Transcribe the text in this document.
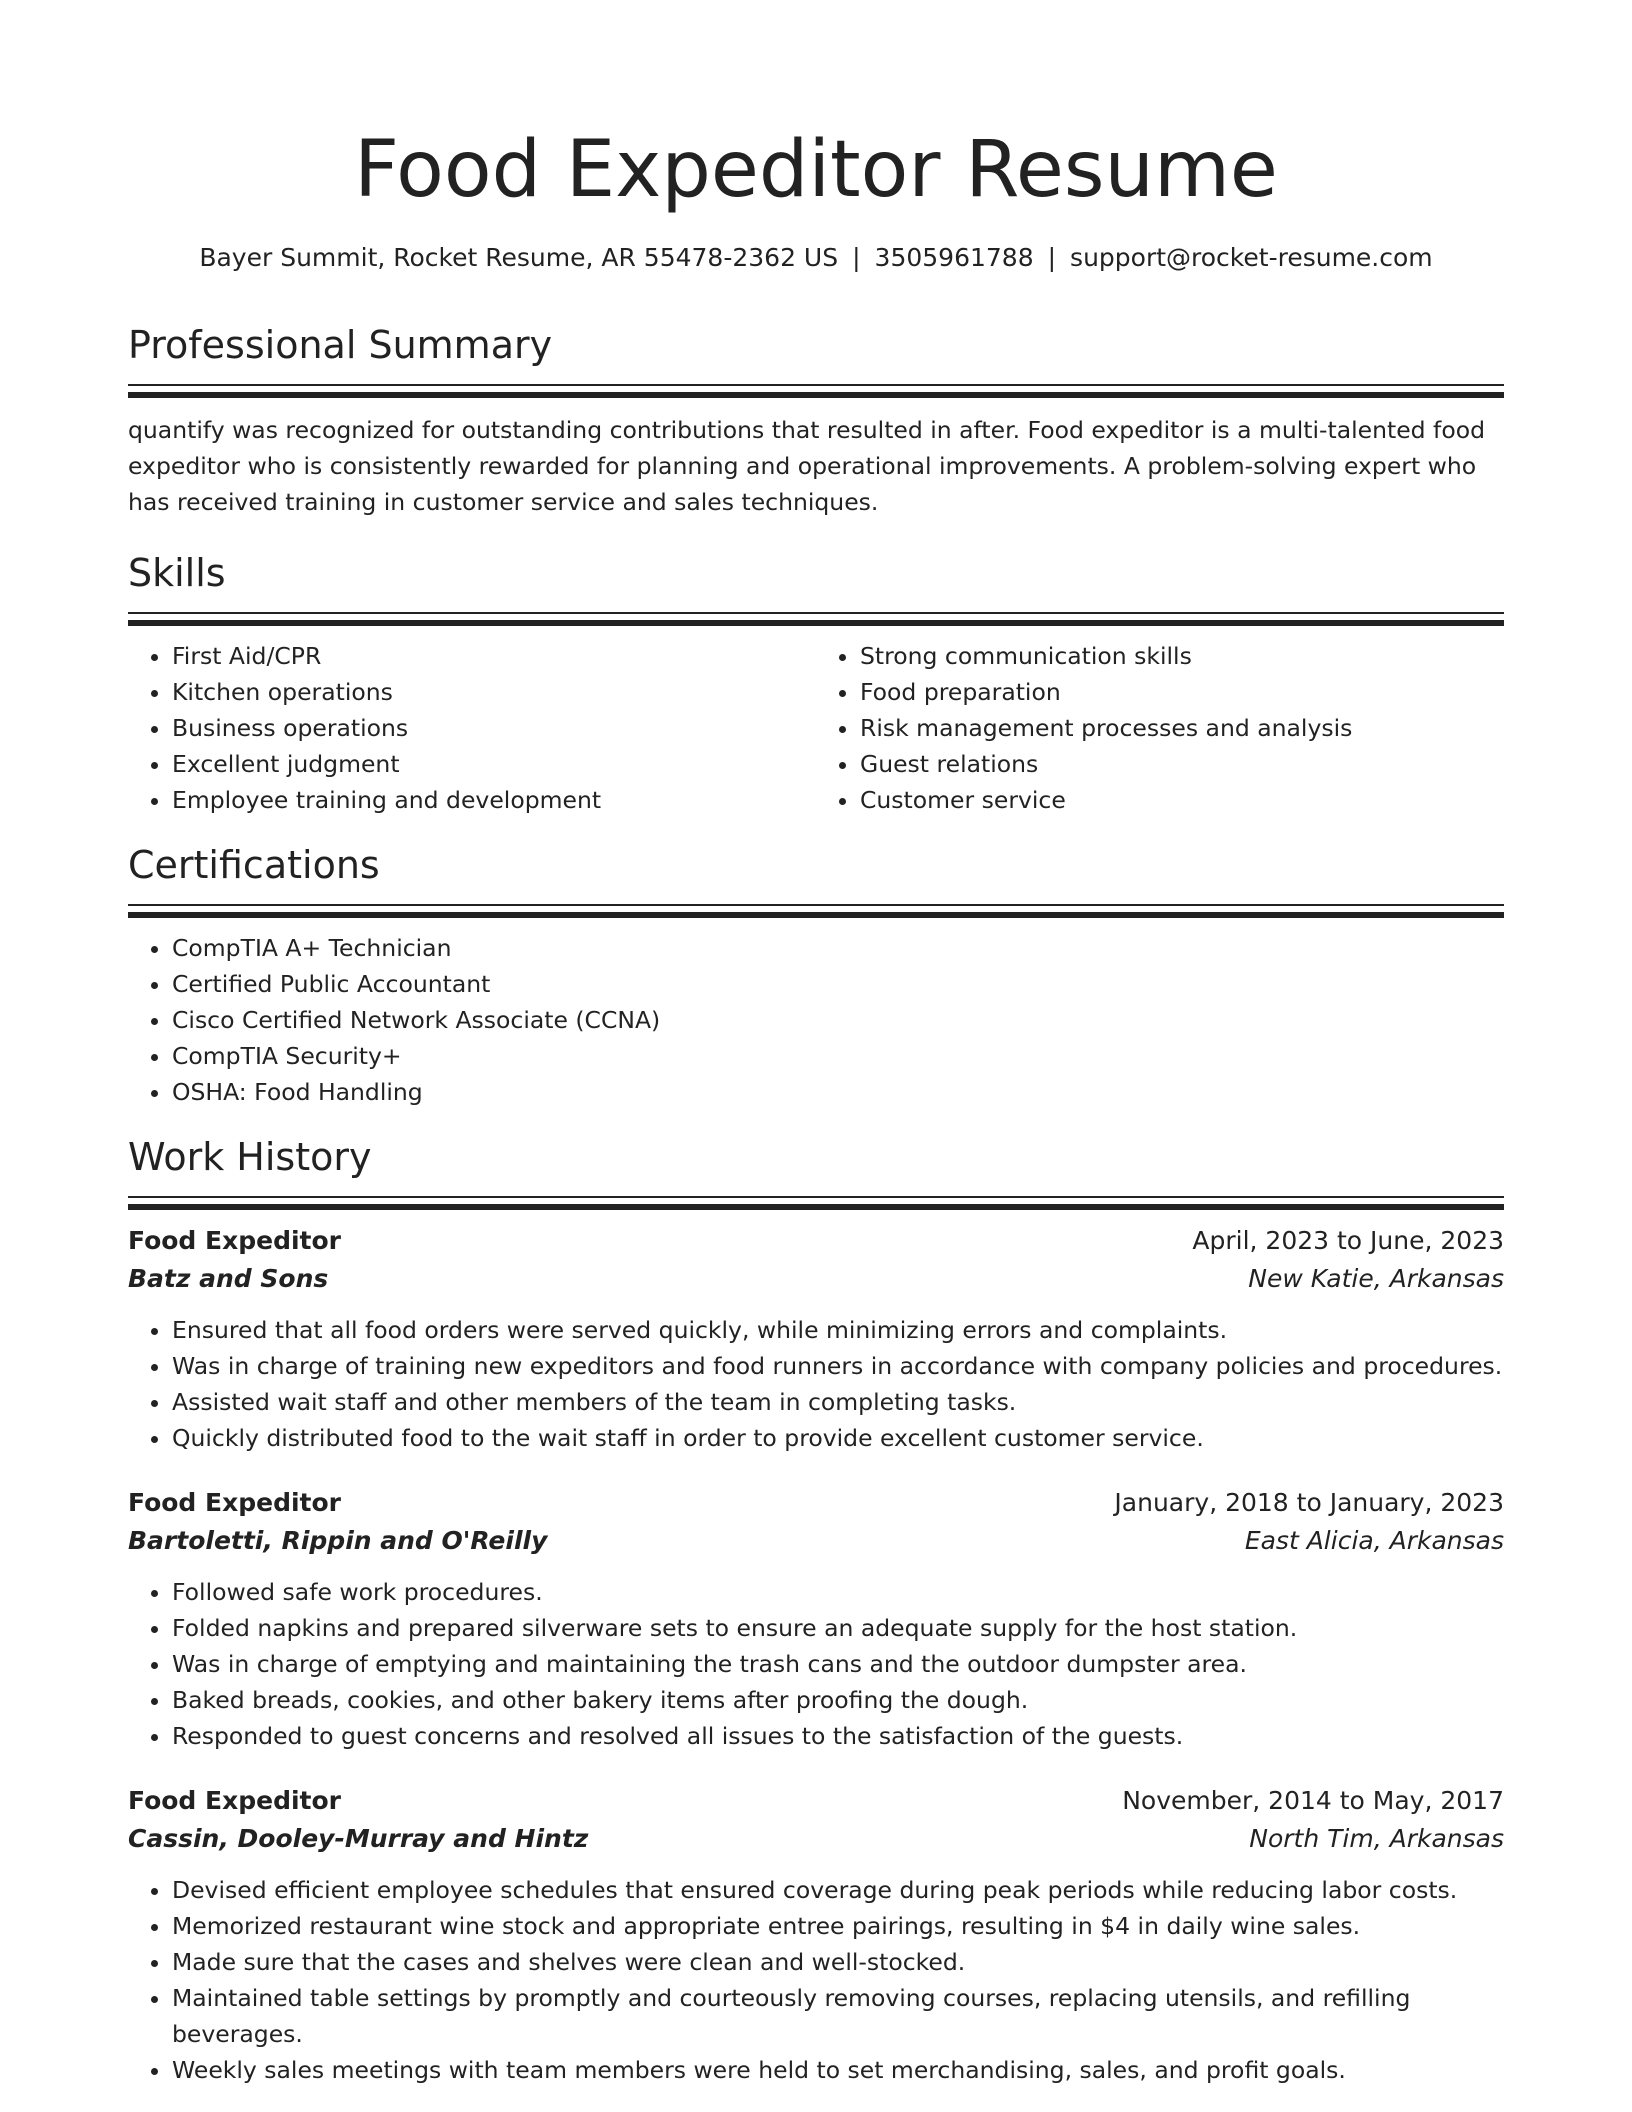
Food Expeditor Resume
Bayer Summit, Rocket Resume, AR 55478-2362 US | 3505961788 | support@rocket-resume.com
Professional Summary

quantify was recognized for outstanding contributions that resulted in after. Food expeditor is a multi-talented food expeditor who is consistently rewarded for planning and operational improvements. A problem-solving expert who has received training in customer service and sales techniques.

Skills
• First Aid/CPR
• Kitchen operations
• Business operations
• Excellent judgment
• Employee training and development
• Strong communication skills
• Food preparation
• Risk management processes and analysis
• Guest relations
• Customer service
Certifications
• CompTIA A+ Technician
• Certified Public Accountant
• Cisco Certified Network Associate (CCNA)
• CompTIA Security+
• OSHA: Food Handling
Work History
Food Expeditor	April, 2023 to June, 2023
Batz and Sons	New Katie, Arkansas
• Ensured that all food orders were served quickly, while minimizing errors and complaints.
• Was in charge of training new expeditors and food runners in accordance with company policies and procedures.
• Assisted wait staff and other members of the team in completing tasks.
• Quickly distributed food to the wait staff in order to provide excellent customer service.
Food Expeditor	January, 2018 to January, 2023
Bartoletti, Rippin and O'Reilly	East Alicia, Arkansas
• Followed safe work procedures.
• Folded napkins and prepared silverware sets to ensure an adequate supply for the host station.
• Was in charge of emptying and maintaining the trash cans and the outdoor dumpster area.
• Baked breads, cookies, and other bakery items after proofing the dough.
• Responded to guest concerns and resolved all issues to the satisfaction of the guests.
Food Expeditor	November, 2014 to May, 2017
Cassin, Dooley-Murray and Hintz	North Tim, Arkansas
• Devised efficient employee schedules that ensured coverage during peak periods while reducing labor costs.
• Memorized restaurant wine stock and appropriate entree pairings, resulting in $4 in daily wine sales.
• Made sure that the cases and shelves were clean and well-stocked.
• Maintained table settings by promptly and courteously removing courses, replacing utensils, and refilling beverages.
• Weekly sales meetings with team members were held to set merchandising, sales, and profit goals.
